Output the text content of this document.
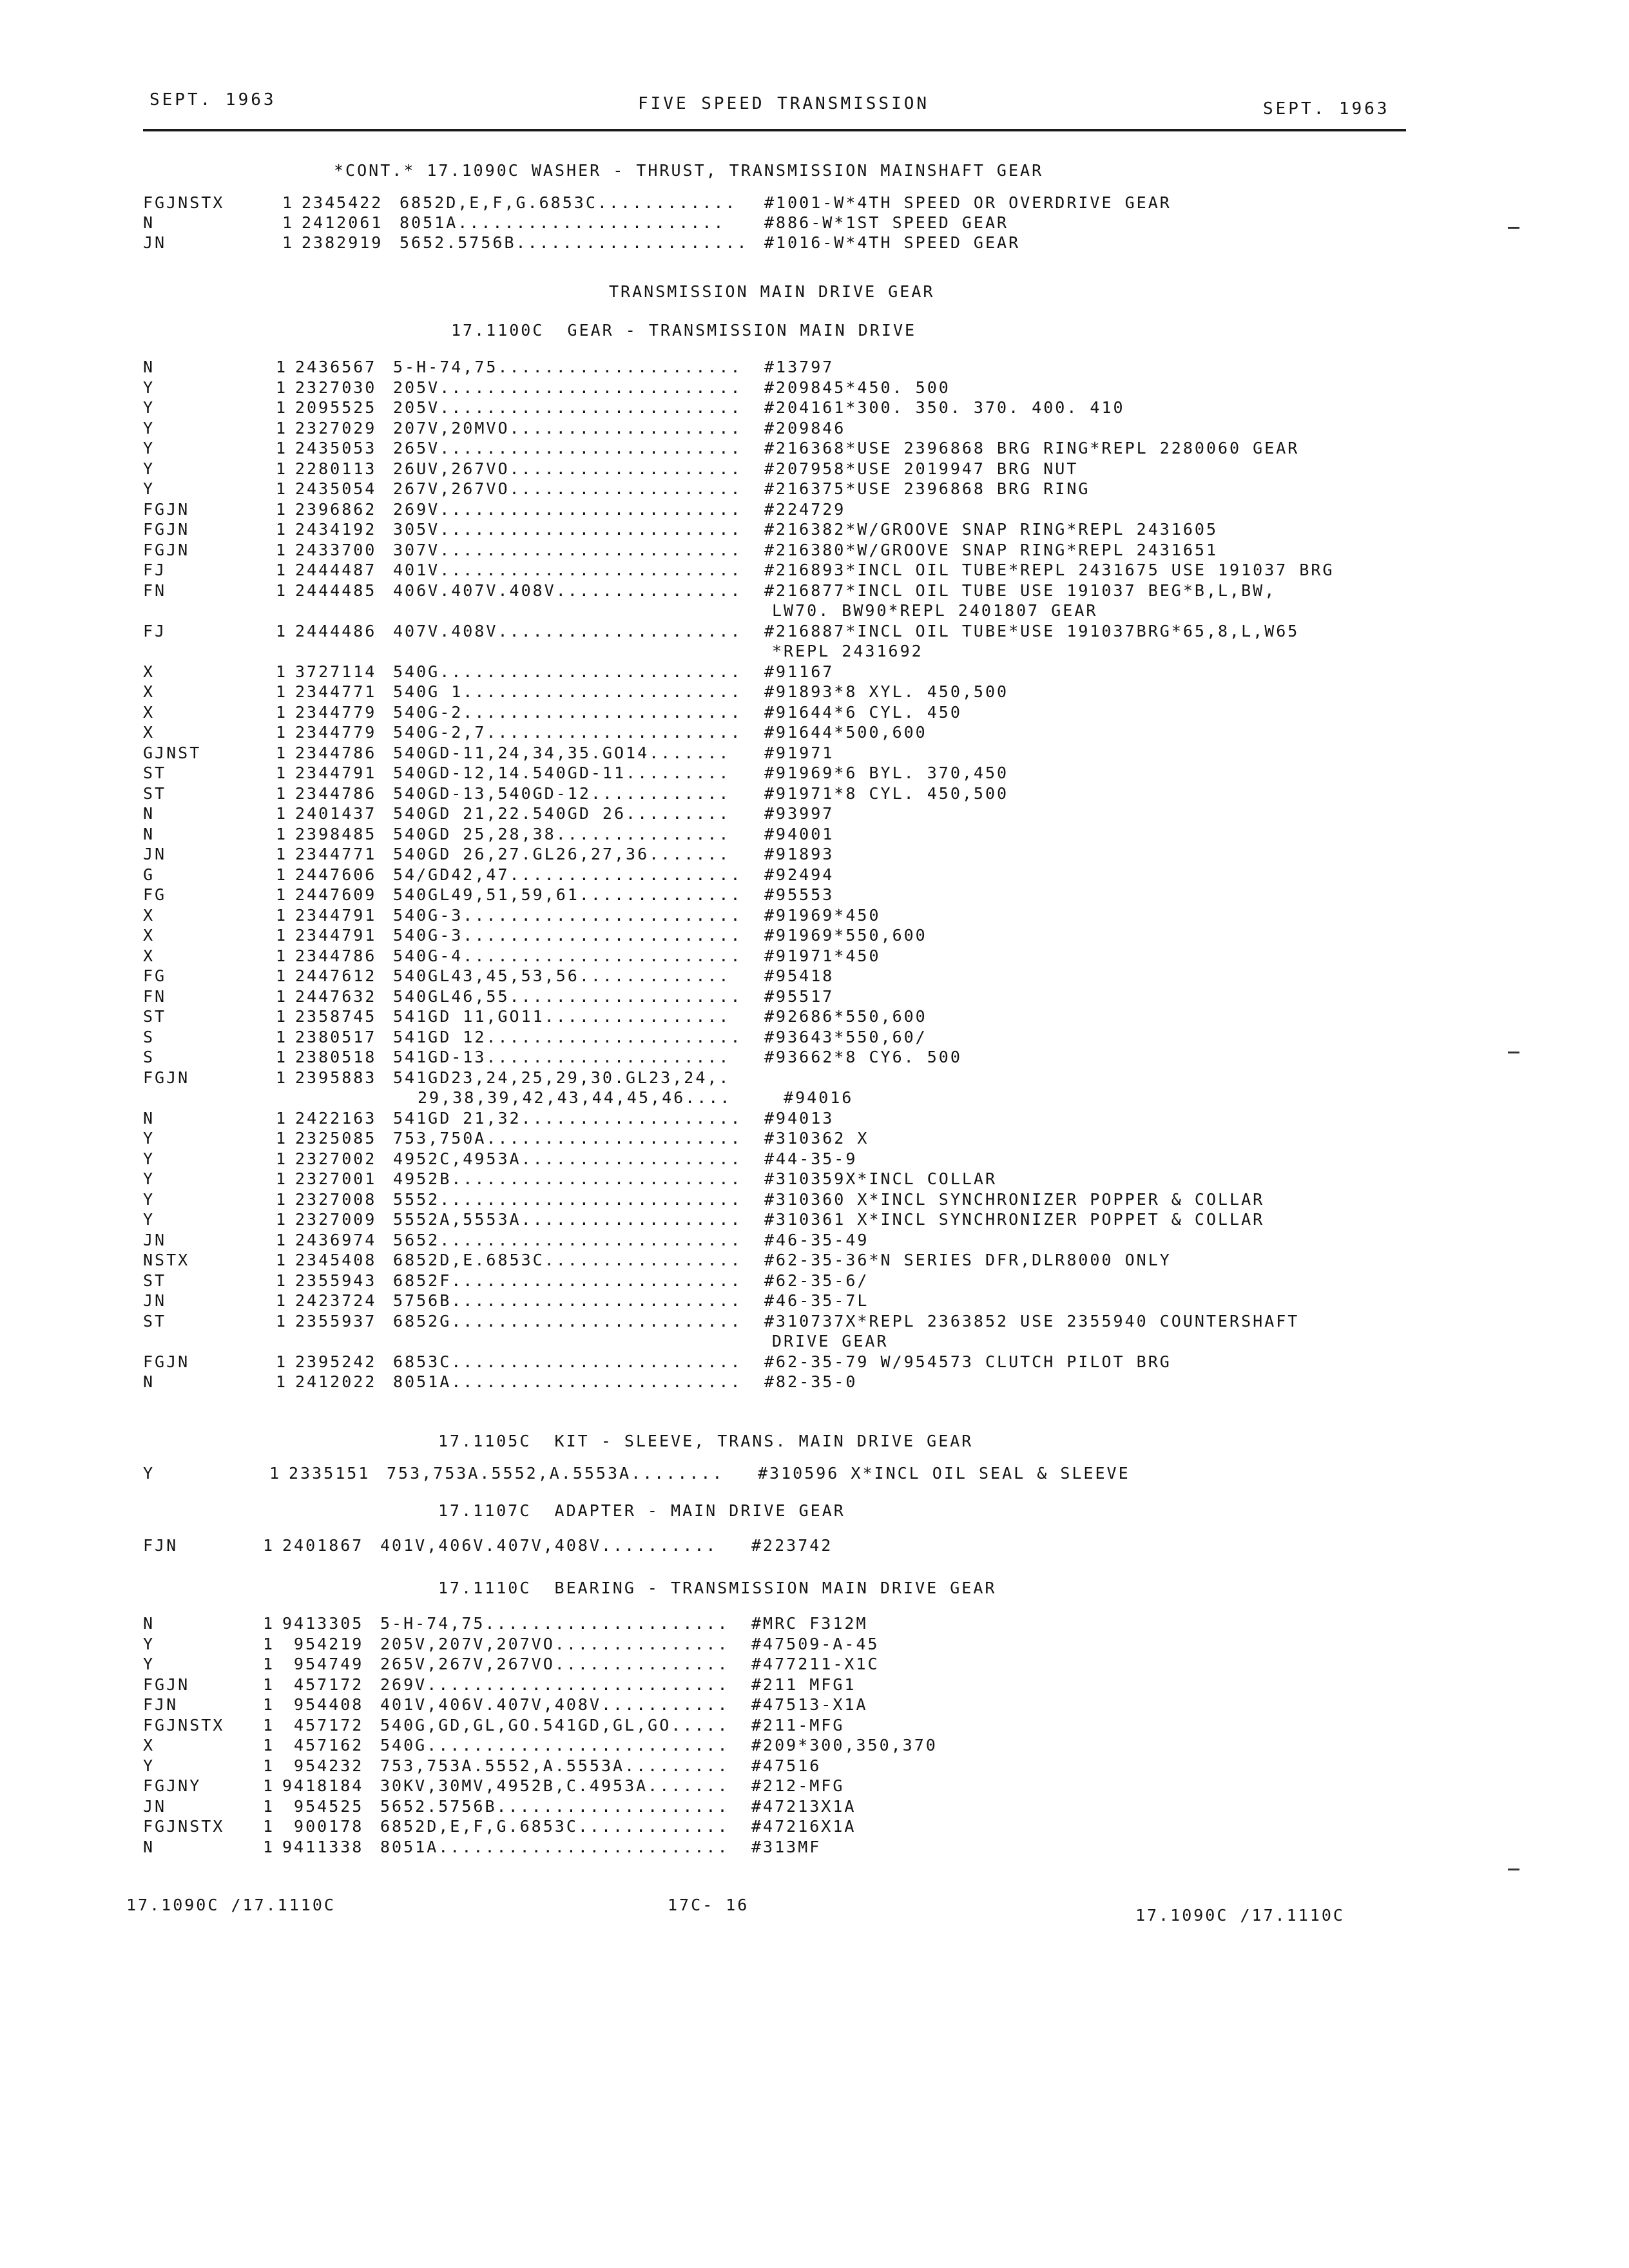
SEPT. 1963	FIVE SPEED TRANSMISSION	SEPT. 1963
*CONT.* 17.1090C WASHER - THRUST, TRANSMISSION MAINSHAFT GEAR
FGJNSTX	1 2345422 6852D,E,F,G.6853C............ #1001-W*4TH SPEED OR OVERDRIVE GEAR
N	1 2412061 8051A....................... #886-W*1ST SPEED GEAR
JN	1 2382919 5652.5756B.................... #1016-W*4TH SPEED GEAR
TRANSMISSION MAIN DRIVE GEAR
17.1100C  GEAR - TRANSMISSION MAIN DRIVE
N	1 2436567 5-H-74,75..................... #13797
Y	1 2327030 205V.......................... #209845*450. 500
Y	1 2095525 205V.......................... #204161*300. 350. 370. 400. 410
Y	1 2327029 207V,20MVO.................... #209846
Y	1 2435053 265V.......................... #216368*USE 2396868 BRG RING*REPL 2280060 GEAR
Y	1 2280113 26UV,267VO.................... #207958*USE 2019947 BRG NUT
Y	1 2435054 267V,267VO.................... #216375*USE 2396868 BRG RING
FGJN	1 2396862 269V.......................... #224729
FGJN	1 2434192 305V.......................... #216382*W/GROOVE SNAP RING*REPL 2431605
FGJN	1 2433700 307V.......................... #216380*W/GROOVE SNAP RING*REPL 2431651
FJ	1 2444487 401V.......................... #216893*INCL OIL TUBE*REPL 2431675 USE 191037 BRG
FN	1 2444485 406V.407V.408V................ #216877*INCL OIL TUBE USE 191037 BEG*B,L,BW,
LW70. BW90*REPL 2401807 GEAR
FJ	1 2444486 407V.408V..................... #216887*INCL OIL TUBE*USE 191037BRG*65,8,L,W65
*REPL 2431692
X	1 3727114 540G.......................... #91167
X	1 2344771 540G 1........................ #91893*8 XYL. 450,500
X	1 2344779 540G-2........................ #91644*6 CYL. 450
X	1 2344779 540G-2,7...................... #91644*500,600
GJNST	1 2344786 540GD-11,24,34,35.GO14....... #91971
ST	1 2344791 540GD-12,14.540GD-11......... #91969*6 BYL. 370,450
ST	1 2344786 540GD-13,540GD-12............ #91971*8 CYL. 450,500
N	1 2401437 540GD 21,22.540GD 26......... #93997
N	1 2398485 540GD 25,28,38............... #94001
JN	1 2344771 540GD 26,27.GL26,27,36....... #91893
G	1 2447606 54/GD42,47.................... #92494
FG	1 2447609 540GL49,51,59,61.............. #95553
X	1 2344791 540G-3........................ #91969*450
X	1 2344791 540G-3........................ #91969*550,600
X	1 2344786 540G-4........................ #91971*450
FG	1 2447612 540GL43,45,53,56............. #95418
FN	1 2447632 540GL46,55.................... #95517
ST	1 2358745 541GD 11,GO11................ #92686*550,600
S	1 2380517 541GD 12...................... #93643*550,60/
S	1 2380518 541GD-13..................... #93662*8 CY6. 500
FGJN	1 2395883 541GD23,24,25,29,30.GL23,24,.
29,38,39,42,43,44,45,46....	#94016
N	1 2422163 541GD 21,32................... #94013
Y	1 2325085 753,750A...................... #310362 X
Y	1 2327002 4952C,4953A................... #44-35-9
Y	1 2327001 4952B......................... #310359X*INCL COLLAR
Y	1 2327008 5552.......................... #310360 X*INCL SYNCHRONIZER POPPER & COLLAR
Y	1 2327009 5552A,5553A................... #310361 X*INCL SYNCHRONIZER POPPET & COLLAR
JN	1 2436974 5652.......................... #46-35-49
NSTX	1 2345408 6852D,E.6853C................. #62-35-36*N SERIES DFR,DLR8000 ONLY
ST	1 2355943 6852F......................... #62-35-6/
JN	1 2423724 5756B......................... #46-35-7L
ST	1 2355937 6852G......................... #310737X*REPL 2363852 USE 2355940 COUNTERSHAFT
DRIVE GEAR
FGJN	1 2395242 6853C......................... #62-35-79 W/954573 CLUTCH PILOT BRG
N	1 2412022 8051A......................... #82-35-0
17.1105C  KIT - SLEEVE, TRANS. MAIN DRIVE GEAR
Y	1 2335151 753,753A.5552,A.5553A........ #310596 X*INCL OIL SEAL & SLEEVE
17.1107C  ADAPTER - MAIN DRIVE GEAR
FJN	1 2401867 401V,406V.407V,408V.......... #223742
17.1110C  BEARING - TRANSMISSION MAIN DRIVE GEAR
N	1 9413305 5-H-74,75..................... #MRC F312M
Y	1 954219 205V,207V,207VO............... #47509-A-45
Y	1 954749 265V,267V,267VO............... #477211-X1C
FGJN	1 457172 269V.......................... #211 MFG1
FJN	1 954408 401V,406V.407V,408V........... #47513-X1A
FGJNSTX 1 457172 540G,GD,GL,GO.541GD,GL,GO..... #211-MFG
X	1 457162 540G.......................... #209*300,350,370
Y	1 954232 753,753A.5552,A.5553A......... #47516
FGJNY	1 9418184 30KV,30MV,4952B,C.4953A....... #212-MFG
JN	1 954525 5652.5756B.................... #47213X1A
FGJNSTX 1 900178 6852D,E,F,G.6853C............. #47216X1A
N	1 9411338 8051A......................... #313MF
17.1090C /17.1110C	17C- 16
17.1090C /17.1110C
